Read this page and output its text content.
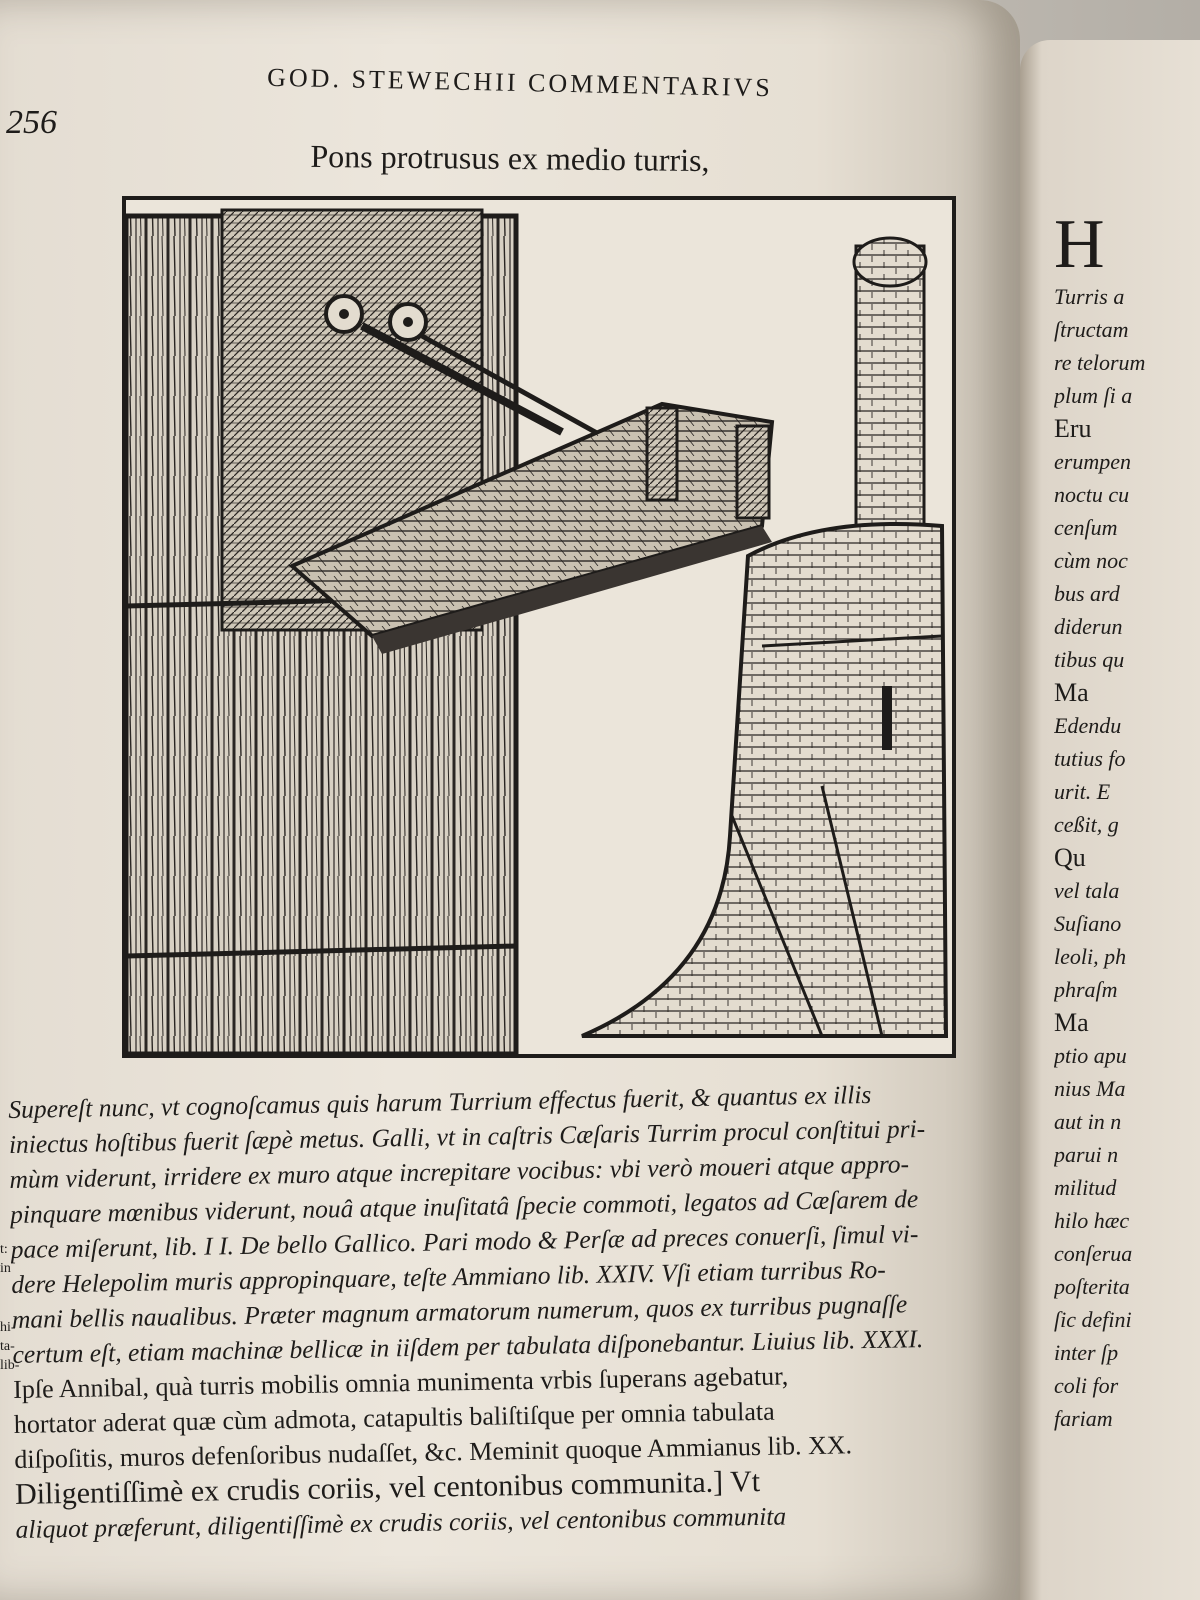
256
GOD. STEWECHII COMMENTARIVS
Pons protrusus ex medio turris,
t:
in
hi-
ta-
lib-
Supereſt nunc, vt cognoſcamus quis harum Turrium effectus fuerit, & quantus ex illis
iniectus hoſtibus fuerit ſæpè metus. Galli, vt in caſtris Cæſaris Turrim procul conſtitui pri-
mùm viderunt, irridere ex muro atque increpitare vocibus: vbi verò moueri atque appro-
pinquare mœnibus viderunt, nouâ atque inuſitatâ ſpecie commoti, legatos ad Cæſarem de
pace miſerunt, lib. I I. De bello Gallico. Pari modo & Perſæ ad preces conuerſi, ſimul vi-
dere Helepolim muris appropinquare, teſte Ammiano lib. XXIV. Vſi etiam turribus Ro-
mani bellis naualibus. Præter magnum armatorum numerum, quos ex turribus pugnaſſe
certum eſt, etiam machinæ bellicæ in iiſdem per tabulata diſponebantur. Liuius lib. XXXI.
Ipſe Annibal, quà turris mobilis omnia munimenta vrbis ſuperans agebatur,
hortator aderat quæ cùm admota, catapultis baliſtiſque per omnia tabulata
diſpoſitis, muros defenſoribus nudaſſet, &c. Meminit quoque Ammianus lib. XX.
Diligentiſſimè ex crudis coriis, vel centonibus communita.] Vt
aliquot præferunt, diligentiſſimè ex crudis coriis, vel centonibus communita
H
Turris a
ſtructam
re telorum
plum ſi a
Eru
erumpen
noctu cu
cenſum
cùm noc
bus ard
diderun
tibus qu
Ma
Edendu
tutius fo
urit. E
ceßit, g
Qu
vel tala
Suſiano
leoli, ph
phraſm
Ma
ptio apu
nius Ma
aut in n
parui n
militud
hilo hæc
conſerua
poſterita
ſic defini
inter ſp
coli for
fariam
